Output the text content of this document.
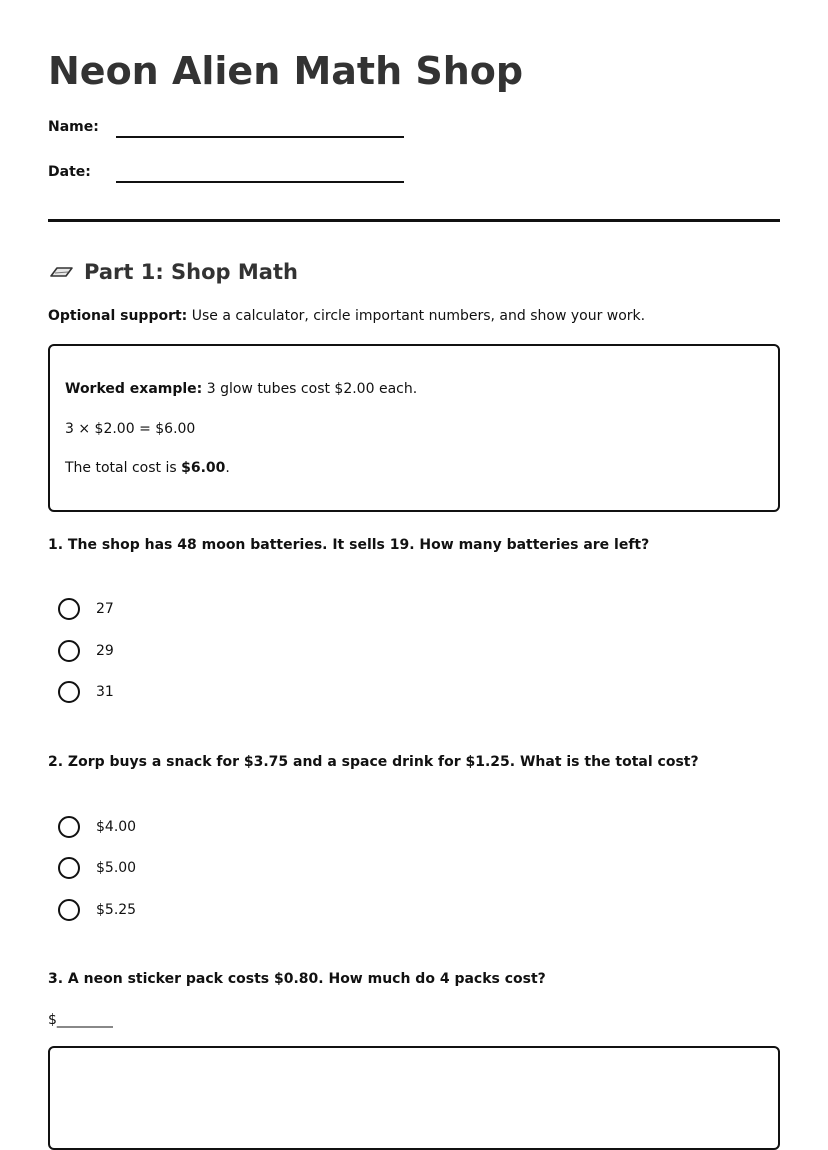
Neon Alien Math Shop
Name:
Date:
Part 1: Shop Math
Optional support: Use a calculator, circle important numbers, and show your work.
Worked example: 3 glow tubes cost $2.00 each.
3 × $2.00 = $6.00
The total cost is $6.00.
1. The shop has 48 moon batteries. It sells 19. How many batteries are left?
27
29
31
2. Zorp buys a snack for $3.75 and a space drink for $1.25. What is the total cost?
$4.00
$5.00
$5.25
3. A neon sticker pack costs $0.80. How much do 4 packs cost?
$________
